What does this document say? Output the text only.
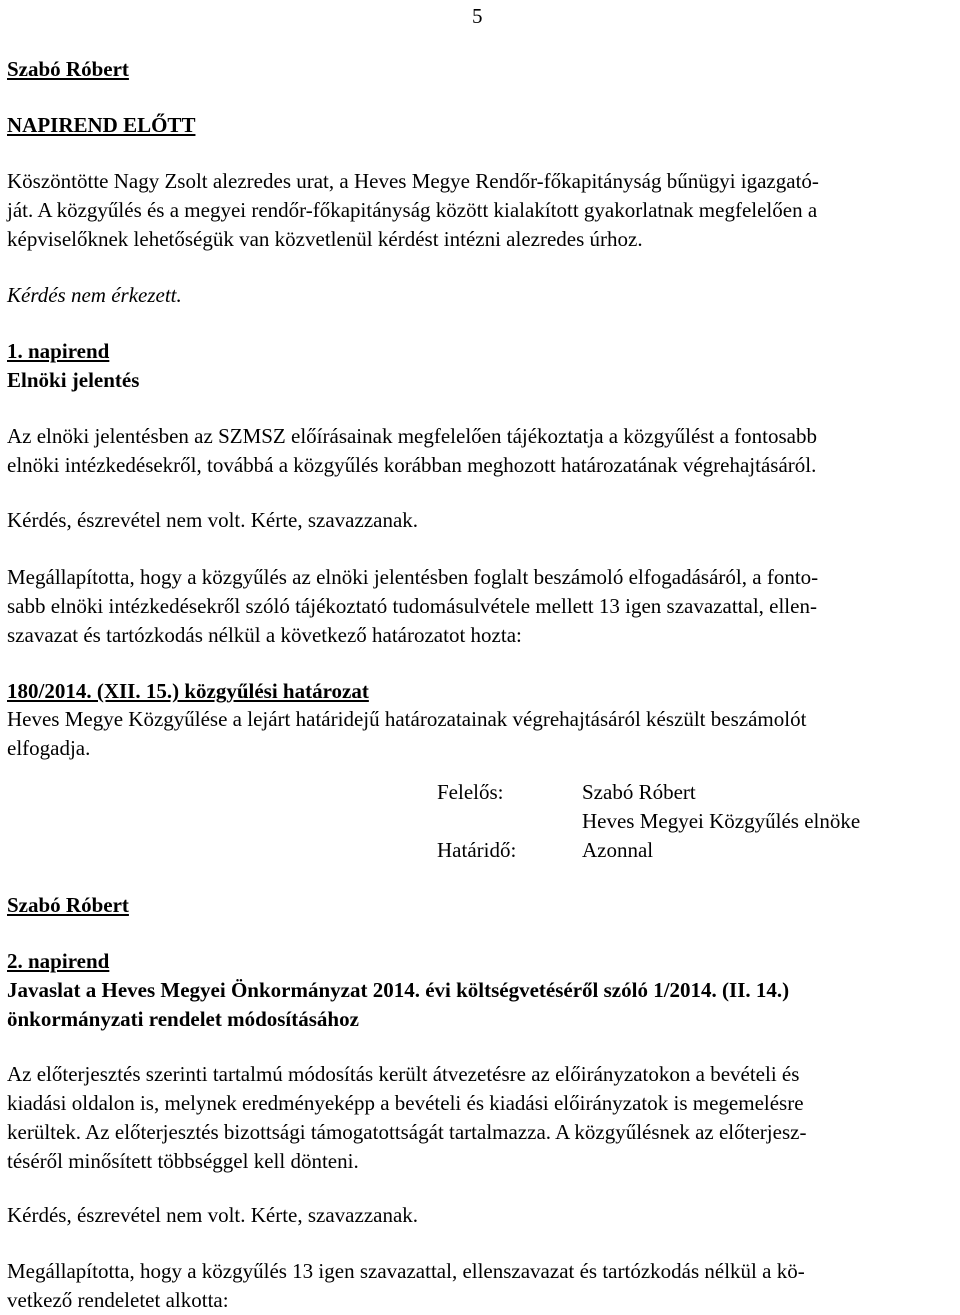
5
Szabó Róbert
NAPIREND ELŐTT
Köszöntötte Nagy Zsolt alezredes urat, a Heves Megye Rendőr-főkapitányság bűnügyi igazgató-
ját. A közgyűlés és a megyei rendőr-főkapitányság között kialakított gyakorlatnak megfelelően a
képviselőknek lehetőségük van közvetlenül kérdést intézni alezredes úrhoz.
Kérdés nem érkezett.
1. napirend
Elnöki jelentés
Az elnöki jelentésben az SZMSZ előírásainak megfelelően tájékoztatja a közgyűlést a fontosabb
elnöki intézkedésekről, továbbá a közgyűlés korábban meghozott határozatának végrehajtásáról.
Kérdés, észrevétel nem volt. Kérte, szavazzanak.
Megállapította, hogy a közgyűlés az elnöki jelentésben foglalt beszámoló elfogadásáról, a fonto-
sabb elnöki intézkedésekről szóló tájékoztató tudomásulvétele mellett 13 igen szavazattal, ellen-
szavazat és tartózkodás nélkül a következő határozatot hozta:
180/2014. (XII. 15.) közgyűlési határozat
Heves Megye Közgyűlése a lejárt határidejű határozatainak végrehajtásáról készült beszámolót
elfogadja.
Felelős:	Szabó Róbert
Heves Megyei Közgyűlés elnöke
Határidő:	Azonnal
Szabó Róbert
2. napirend
Javaslat a Heves Megyei Önkormányzat 2014. évi költségvetéséről szóló 1/2014. (II. 14.)
önkormányzati rendelet módosításához
Az előterjesztés szerinti tartalmú módosítás került átvezetésre az előirányzatokon a bevételi és
kiadási oldalon is, melynek eredményeképp a bevételi és kiadási előirányzatok is megemelésre
kerültek. Az előterjesztés bizottsági támogatottságát tartalmazza. A közgyűlésnek az előterjesz-
téséről minősített többséggel kell dönteni.
Kérdés, észrevétel nem volt. Kérte, szavazzanak.
Megállapította, hogy a közgyűlés 13 igen szavazattal, ellenszavazat és tartózkodás nélkül a kö-
vetkező rendeletet alkotta:
